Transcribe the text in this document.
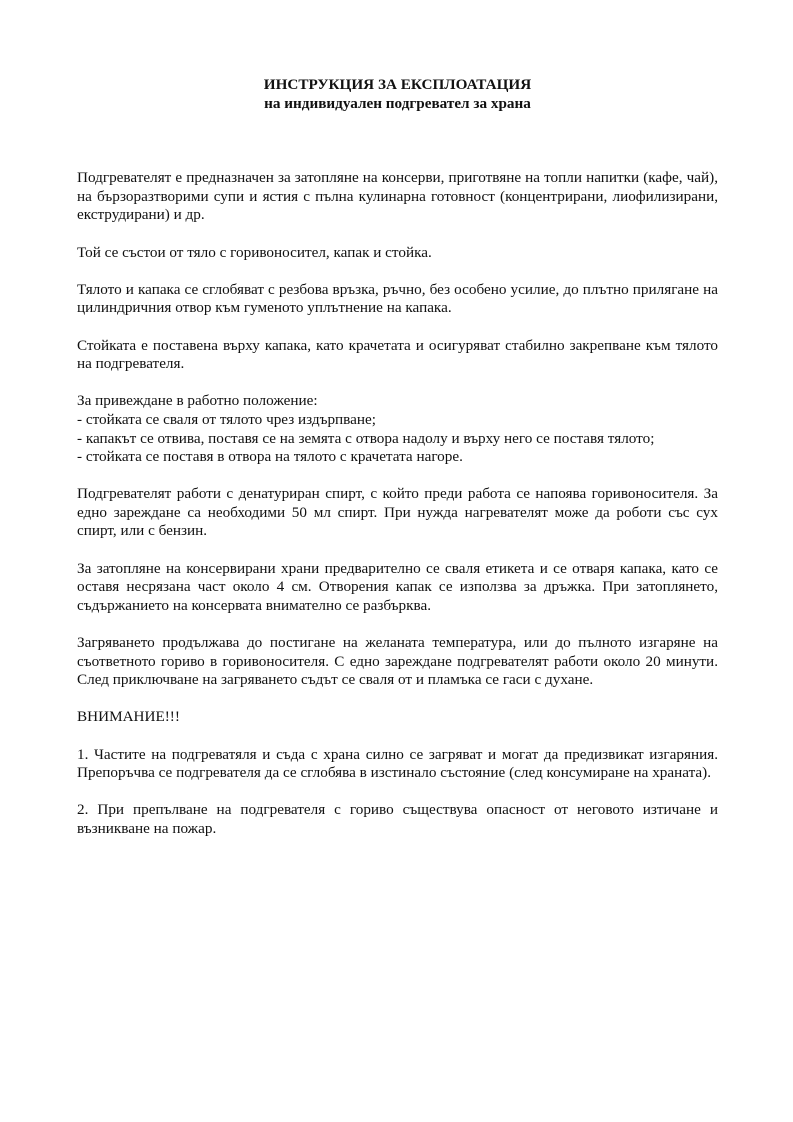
ИНСТРУКЦИЯ ЗА ЕКСПЛОАТАЦИЯ
на индивидуален подгревател за храна

Подгревателят е предназначен за затопляне на консерви, приготвяне на топли напитки (кафе, чай), на бързоразтворими супи и ястия с пълна кулинарна готовност (концентрирани, лиофилизирани, екструдирани) и др.

Той се състои от тяло с горивоносител, капак и стойка.

Тялото и капака се сглобяват с резбова връзка, ръчно, без особено усилие, до плътно прилягане на цилиндричния отвор към гуменото уплътнение на капака.

Стойката е поставена върху капака, като крачетата и осигуряват стабилно закрепване към тялото на подгревателя.

За привеждане в работно положение:

- стойката се сваля от тялото чрез издърпване;
- капакът се отвива, поставя се на земята с отвора надолу и върху него се поставя тялото;
- стойката се поставя в отвора на тялото с крачетата нагоре.

Подгревателят работи с денатуриран спирт, с който преди работа се напоява горивоносителя. За едно зареждане са необходими 50 мл спирт. При нужда нагревателят може да роботи със сух спирт, или с бензин.

За затопляне на консервирани храни предварително се сваля етикета и се отваря капака, като се оставя несрязана част около 4 см. Отворения капак се използва за дръжка. При затоплянето, съдържанието на консервата внимателно се разбърква.

Загряването продължава до постигане на желаната температура, или до пълното изгаряне на съответното гориво в горивоносителя. С едно зареждане подгревателят работи около 20 минути. След приключване на загряването съдът се сваля от и пламъка се гаси с духане.

ВНИМАНИЕ!!!

1. Частите на подгреватяля и съда с храна силно се загряват и могат да предизвикат изгаряния. Препоръчва се подгревателя да се сглобява в изстинало състояние (след консумиране на храната).

2. При препълване на подгревателя с гориво съществува опасност от неговото изтичане и възникване на пожар.
